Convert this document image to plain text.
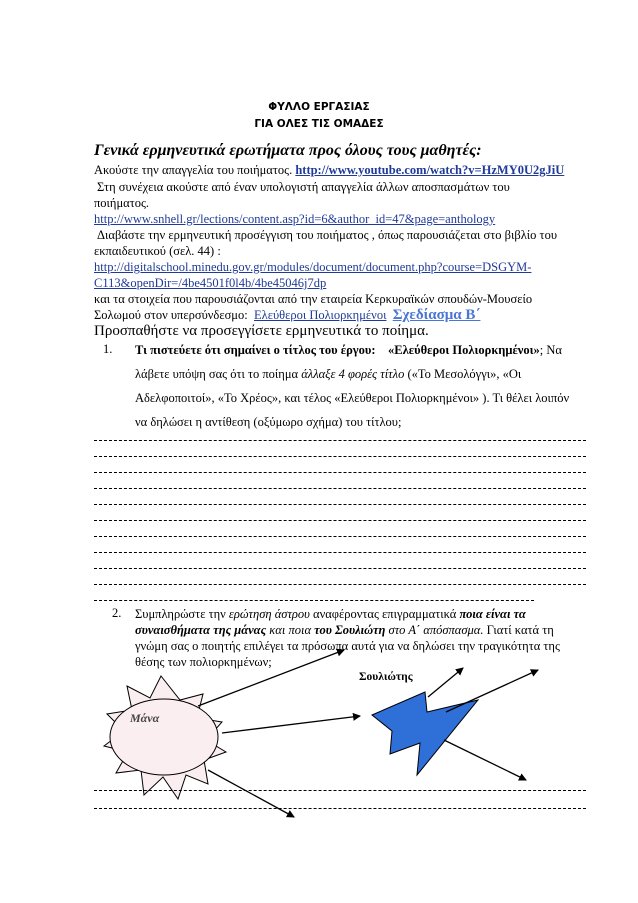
ΦΥΛΛΟ ΕΡΓΑΣΙΑΣ
ΓΙΑ ΟΛΕΣ ΤΙΣ ΟΜΑΔΕΣ
Γενικά ερμηνευτικά ερωτήματα προς όλους τους μαθητές:
Ακούστε την απαγγελία του ποιήματος. http://www.youtube.com/watch?v=HzMY0U2gJiU
Στη συνέχεια ακούστε από έναν υπολογιστή απαγγελία άλλων αποσπασμάτων του
ποιήματος.
http://www.snhell.gr/lections/content.asp?id=6&author_id=47&page=anthology
Διαβάστε την ερμηνευτική προσέγγιση του ποιήματος , όπως παρουσιάζεται στο βιβλίο του
εκπαιδευτικού (σελ. 44) :
http://digitalschool.minedu.gov.gr/modules/document/document.php?course=DSGYM-
C113&openDir=/4be4501f0l4b/4be45046j7dp
και τα στοιχεία που παρουσιάζονται από την εταιρεία Κερκυραϊκών σπουδών-Μουσείο
Σολωμού στον υπερσύνδεσμο: Ελεύθεροι Πολιορκημένοι Σχεδίασμα Β΄
Προσπαθήστε να προσεγγίσετε ερμηνευτικά το ποίημα.
1. Τι πιστεύετε ότι σημαίνει ο τίτλος του έργου: «Ελεύθεροι Πολιορκημένοι»; Να
λάβετε υπόψη σας ότι το ποίημα άλλαξε 4 φορές τίτλο («Το Μεσολόγγι», «Οι
Αδελφοποιτοί», «Το Χρέος», και τέλος «Ελεύθεροι Πολιορκημένοι» ). Τι θέλει λοιπόν
να δηλώσει η αντίθεση (οξύμωρο σχήμα) του τίτλου;
2. Συμπληρώστε την ερώτηση άστρου αναφέροντας επιγραμματικά ποια είναι τα
συναισθήματα της μάνας και ποια του Σουλιώτη στο Α΄ απόσπασμα. Γιατί κατά τη
γνώμη σας ο ποιητής επιλέγει τα πρόσωπα αυτά για να δηλώσει την τραγικότητα της
θέσης των πολιορκημένων;
Μάνα
Σουλιώτης
